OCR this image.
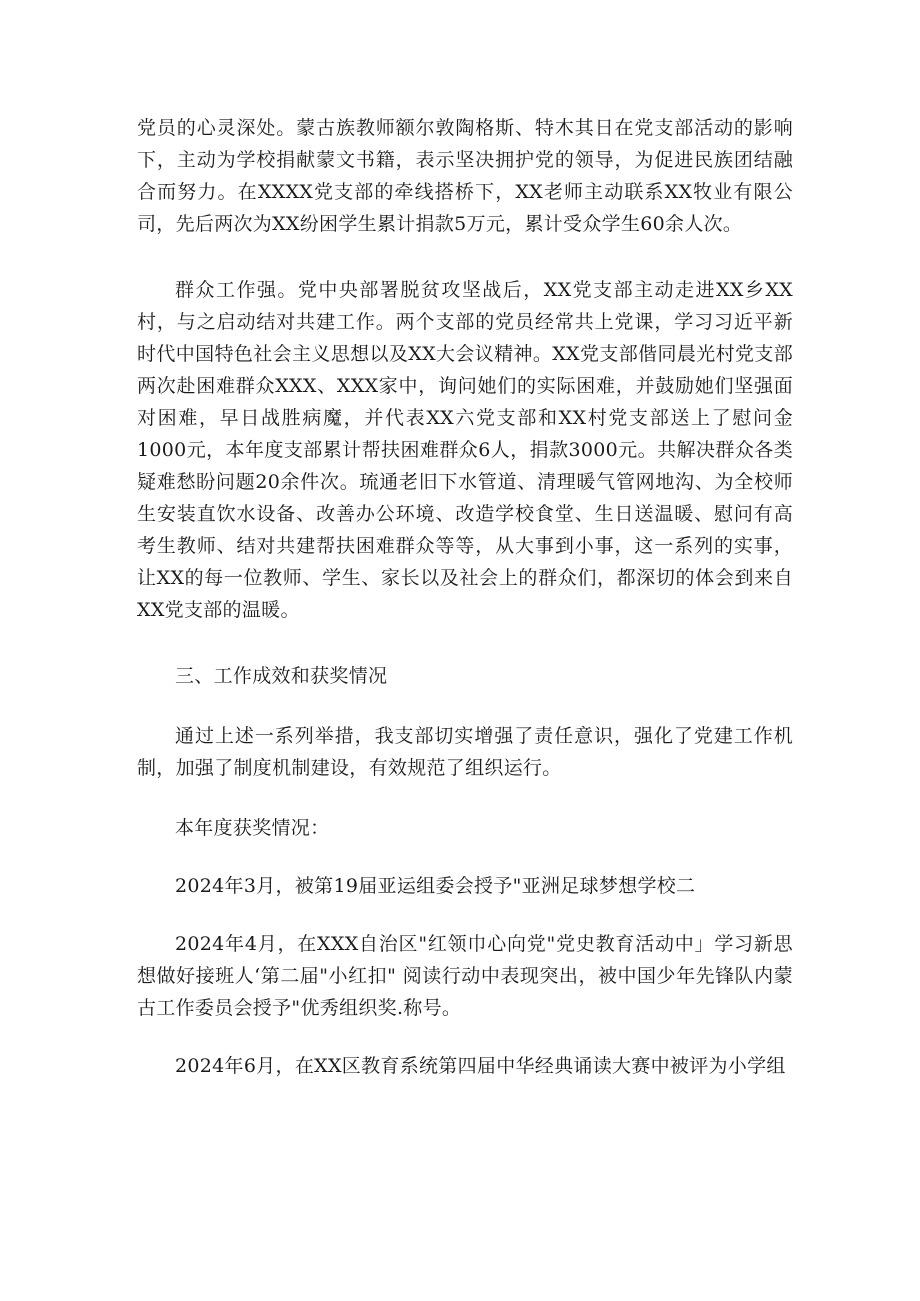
党员的心灵深处。蒙古族教师额尔敦陶格斯、特木其日在党支部活动的影响下，主动为学校捐献蒙文书籍，表示坚决拥护党的领导，为促进民族团结融合而努力。在XXXX党支部的牵线搭桥下，XX老师主动联系XX牧业有限公司，先后两次为XX纷困学生累计捐款5万元，累计受众学生60余人次。

群众工作强。党中央部署脱贫攻坚战后，XX党支部主动走进XX乡XX村，与之启动结对共建工作。两个支部的党员经常共上党课，学习习近平新时代中国特色社会主义思想以及XX大会议精神。XX党支部偕同晨光村党支部两次赴困难群众XXX、XXX家中，询问她们的实际困难，并鼓励她们坚强面对困难，早日战胜病魔，并代表XX六党支部和XX村党支部送上了慰问金1000元，本年度支部累计帮扶困难群众6人，捐款3000元。共解决群众各类疑难愁盼问题20余件次。琉通老旧下水管道、清理暖气管网地沟、为全校师生安装直饮水设备、改善办公环境、改造学校食堂、生日送温暖、慰问有高考生教师、结对共建帮扶困难群众等等，从大事到小事，这一系列的实事，让XX的每一位教师、学生、家长以及社会上的群众们，都深切的体会到来自XX党支部的温暖。

三、工作成效和获奖情况

通过上述一系列举措，我支部切实增强了责任意识，强化了党建工作机制，加强了制度机制建设，有效规范了组织运行。

本年度获奖情况：

2024年3月，被第19届亚运组委会授予"亚洲足球梦想学校二

2024年4月，在XXX自治区"红领巾心向党"党史教育活动中」学习新思想做好接班人‘第二届"小红扣" 阅读行动中表现突出，被中国少年先锋队内蒙古工作委员会授予"优秀组织奖.称号。

2024年6月，在XX区教育系统第四届中华经典诵读大赛中被评为小学组
